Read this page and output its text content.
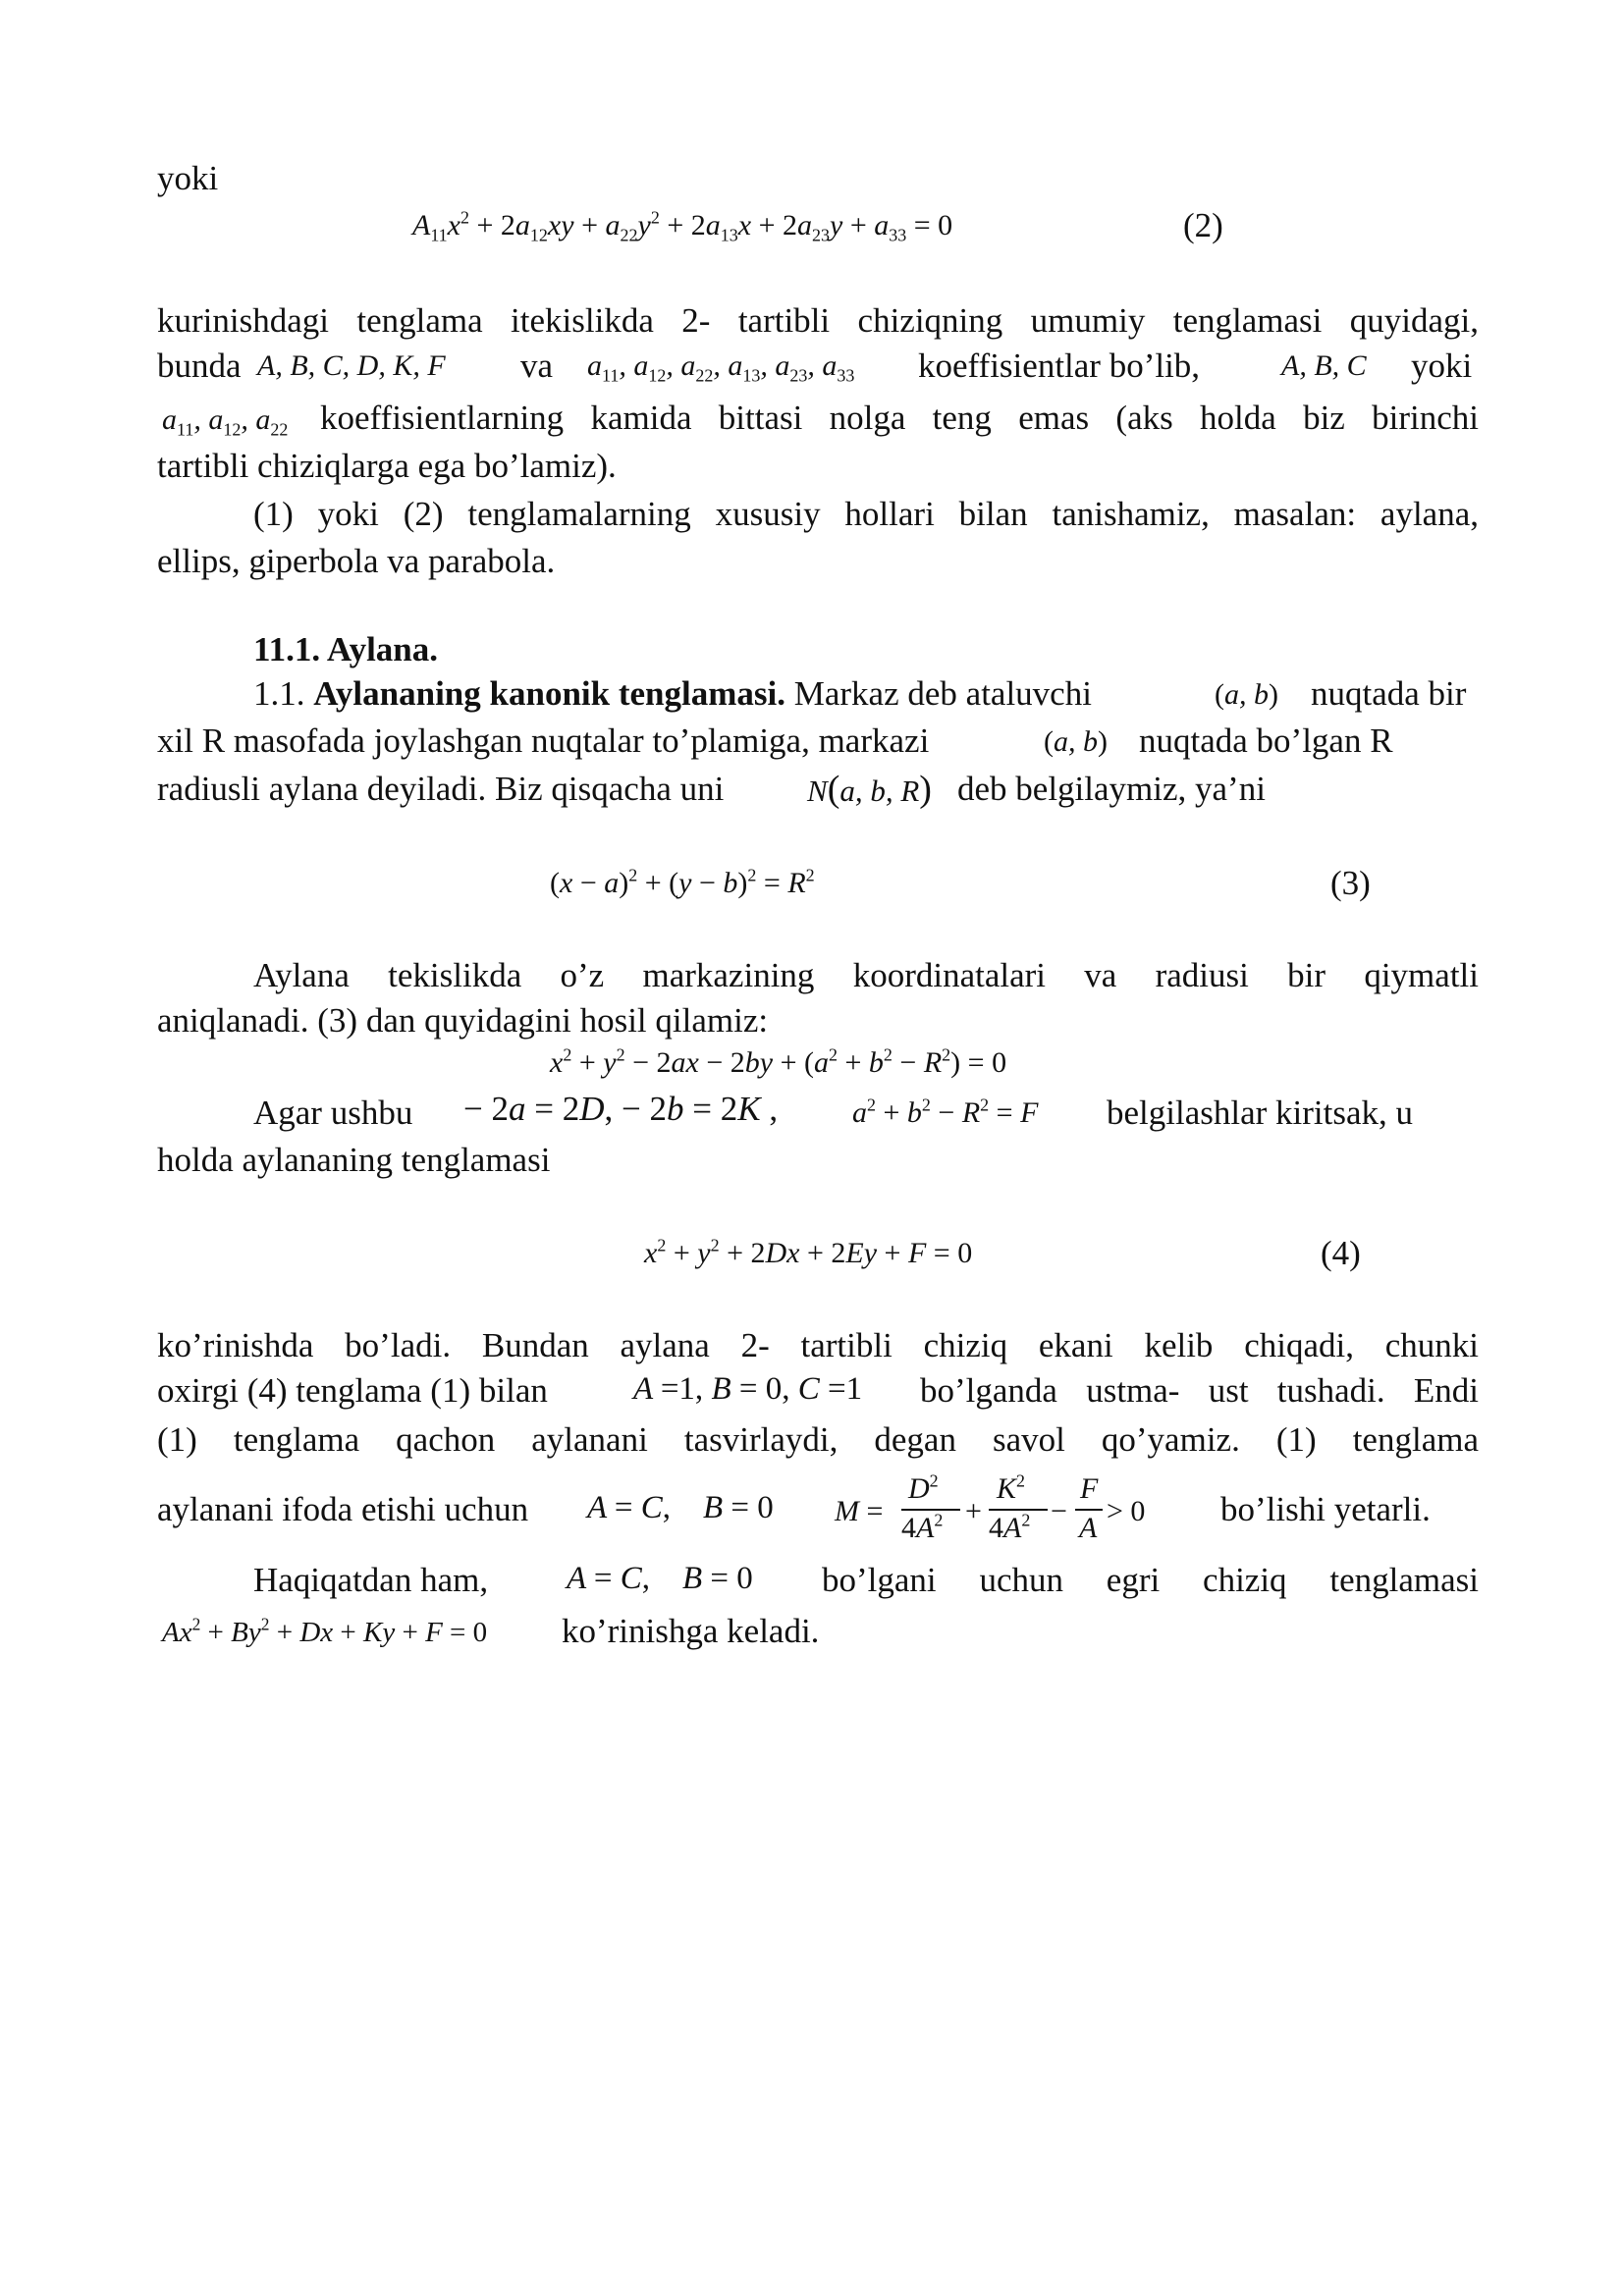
yoki
$A_{11}x^2 + 2a_{12}xy + a_{22}y^2 + 2a_{13}x + 2a_{23}y + a_{33} = 0$	(2)
kurinishdagi tenglama itekislikda 2- tartibli chiziqning umumiy tenglamasi quyidagi,
bunda A, B, C, D, K, F va $a_{11}$, $a_{12}$, $a_{22}$, $a_{13}$, $a_{23}$, $a_{33}$ koeffisientlar bo’lib,	A, B, C yoki
$a_{11}$, $a_{12}$, $a_{22}$ koeffisientlarning kamida bittasi nolga teng emas (aks holda biz birinchi
tartibli chiziqlarga ega bo’lamiz).
(1) yoki (2) tenglamalarning xususiy hollari bilan tanishamiz, masalan: aylana,
ellips, giperbola va parabola.
11.1. Aylana.
1.1. Aylananing kanonik tenglamasi. Markaz deb ataluvchi	(a, b) nuqtada bir
xil R masofada joylashgan nuqtalar to’plamiga, markazi	(a, b) nuqtada bo’lgan R
radiusli aylana deyiladi. Biz qisqacha uni	N(a, b, R) deb belgilaymiz, ya’ni
$(x - a)^2 + (y - b)^2 = R^2$	(3)
Aylana tekislikda o’z markazining koordinatalari va radiusi bir qiymatli
aniqlanadi. (3) dan quyidagini hosil qilamiz:
$x^2 + y^2 - 2ax - 2by + (a^2 + b^2 - R^2) = 0$
Agar ushbu − 2a = 2D, − 2b = 2K ,	$a^2 + b^2 - R^2 = F$ belgilashlar kiritsak, u
holda aylananing tenglamasi
$x^2 + y^2 + 2Dx + 2Ey + F = 0$	(4)
ko’rinishda bo’ladi. Bundan aylana 2- tartibli chiziq ekani kelib chiqadi, chunki
oxirgi (4) tenglama (1) bilan	A =1, B = 0, C =1 bo’lganda ustma- ust tushadi. Endi
(1) tenglama qachon aylanani tasvirlaydi, degan savol qo’yamiz. (1) tenglama
aylanani ifoda etishi uchun A = C,    B = 0 M =
$D^2$
$4A^2$ +
$K^2$
$4A^2$ −
F
A
> 0 bo’lishi yetarli.
Haqiqatdan ham, A = C,    B = 0 bo’lgani uchun egri chiziq tenglamasi
$Ax^2 + By^2 + Dx + Ky + F = 0$ ko’rinishga keladi.
